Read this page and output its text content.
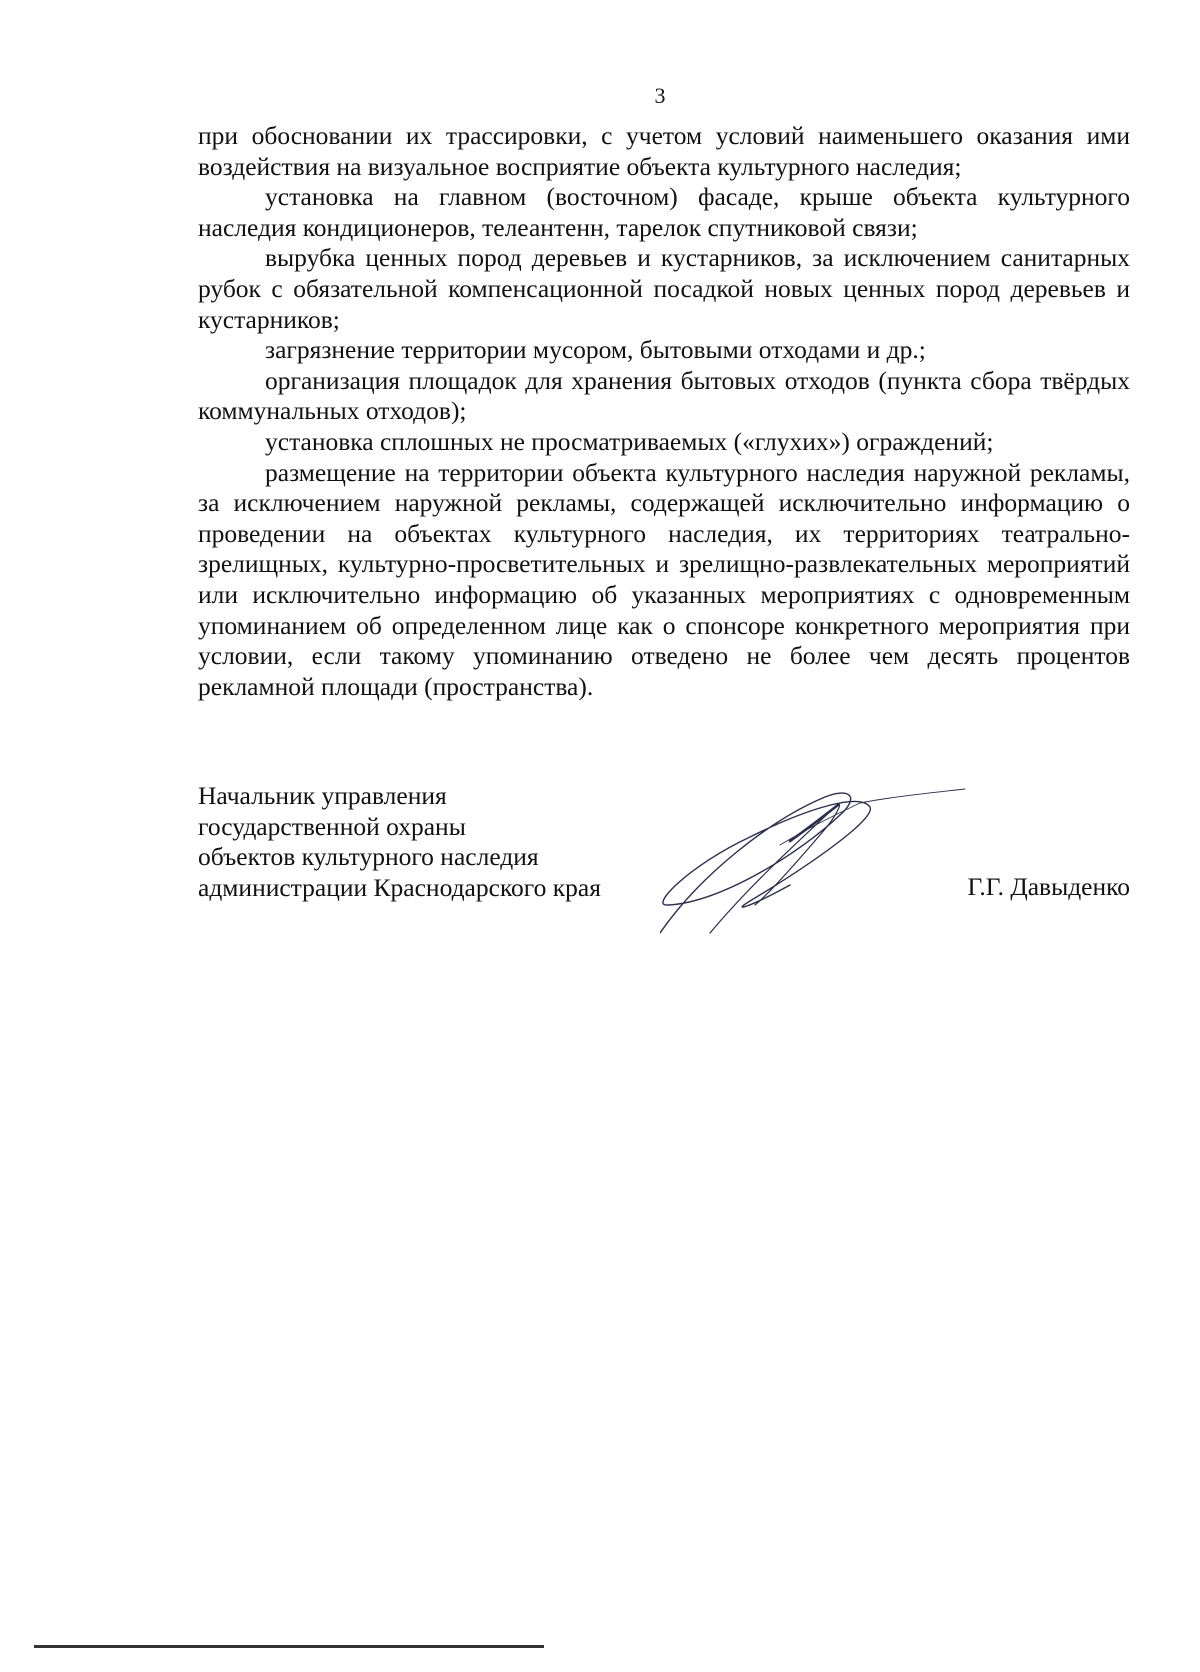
3

при обосновании их трассировки, с учетом условий наименьшего оказания ими воздействия на визуальное восприятие объекта культурного наследия;

установка на главном (восточном) фасаде, крыше объекта культурного наследия кондиционеров, телеантенн, тарелок спутниковой связи;

вырубка ценных пород деревьев и кустарников, за исключением санитарных рубок с обязательной компенсационной посадкой новых ценных пород деревьев и кустарников;

загрязнение территории мусором, бытовыми отходами и др.;

организация площадок для хранения бытовых отходов (пункта сбора твёрдых коммунальных отходов);

установка сплошных не просматриваемых («глухих») ограждений;

размещение на территории объекта культурного наследия наружной рекламы, за исключением наружной рекламы, содержащей исключительно информацию о проведении на объектах культурного наследия, их территориях театрально-зрелищных, культурно-просветительных и зрелищно-развлекательных мероприятий или исключительно информацию об указанных мероприятиях с одновременным упоминанием об определенном лице как о спонсоре конкретного мероприятия при условии, если такому упоминанию отведено не более чем десять процентов рекламной площади (пространства).

Начальник управления
государственной охраны
объектов культурного наследия
администрации Краснодарского края	Г.Г. Давыденко
